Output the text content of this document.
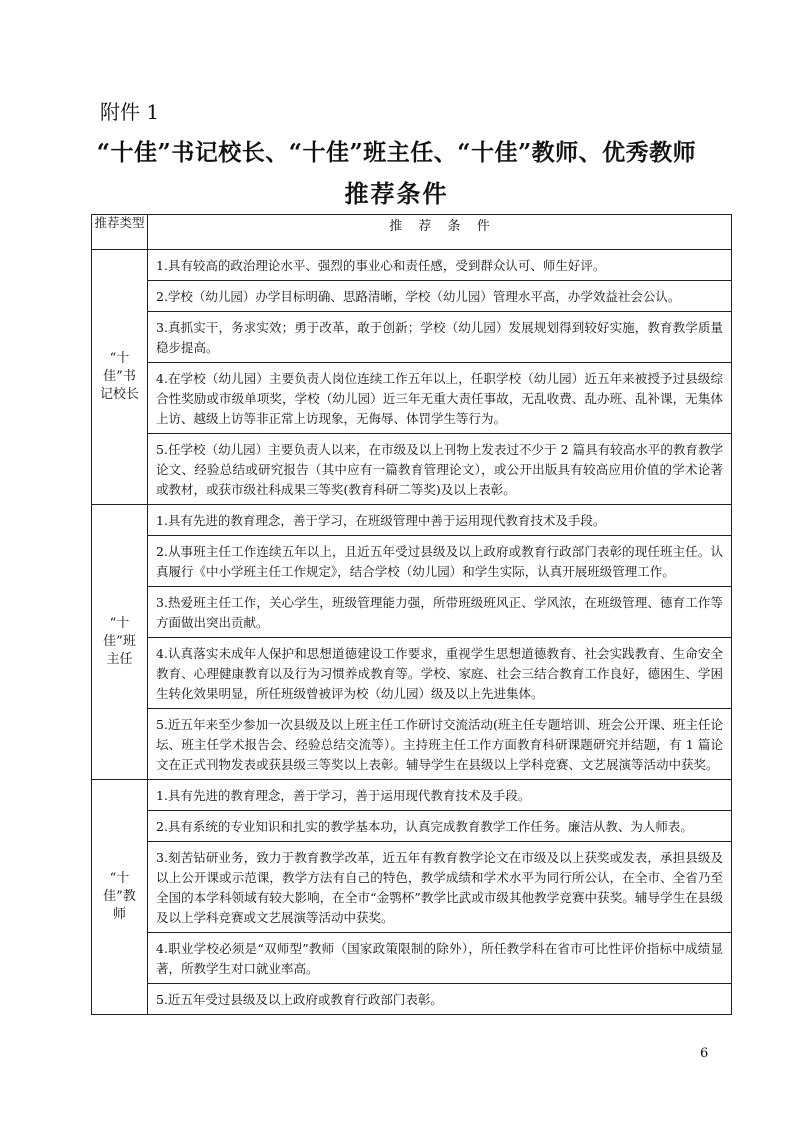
附件 1
“十佳”书记校长、“十佳”班主任、“十佳”教师、优秀教师
推荐条件
推荐类型	推 荐 条 件
“十佳”书记校长	1.具有较高的政治理论水平、强烈的事业心和责任感，受到群众认可、师生好评。
	2.学校（幼儿园）办学目标明确、思路清晰，学校（幼儿园）管理水平高，办学效益社会公认。
	3.真抓实干，务求实效；勇于改革，敢于创新；学校（幼儿园）发展规划得到较好实施，教育教学质量稳步提高。
	4.在学校（幼儿园）主要负责人岗位连续工作五年以上，任职学校（幼儿园）近五年来被授予过县级综合性奖励或市级单项奖，学校（幼儿园）近三年无重大责任事故，无乱收费、乱办班、乱补课，无集体上访、越级上访等非正常上访现象，无侮辱、体罚学生等行为。
	5.任学校（幼儿园）主要负责人以来，在市级及以上刊物上发表过不少于 2 篇具有较高水平的教育教学论文、经验总结或研究报告（其中应有一篇教育管理论文），或公开出版具有较高应用价值的学术论著或教材，或获市级社科成果三等奖(教育科研二等奖)及以上表彰。
“十佳”班主任	1.具有先进的教育理念，善于学习，在班级管理中善于运用现代教育技术及手段。
	2.从事班主任工作连续五年以上，且近五年受过县级及以上政府或教育行政部门表彰的现任班主任。认真履行《中小学班主任工作规定》，结合学校（幼儿园）和学生实际，认真开展班级管理工作。
	3.热爱班主任工作，关心学生，班级管理能力强，所带班级班风正、学风浓，在班级管理、德育工作等方面做出突出贡献。
	4.认真落实未成年人保护和思想道德建设工作要求，重视学生思想道德教育、社会实践教育、生命安全教育、心理健康教育以及行为习惯养成教育等。学校、家庭、社会三结合教育工作良好，德困生、学困生转化效果明显，所任班级曾被评为校（幼儿园）级及以上先进集体。
	5.近五年来至少参加一次县级及以上班主任工作研讨交流活动(班主任专题培训、班会公开课、班主任论坛、班主任学术报告会、经验总结交流等）。主持班主任工作方面教育科研课题研究并结题，有 1 篇论文在正式刊物发表或获县级三等奖以上表彰。辅导学生在县级以上学科竞赛、文艺展演等活动中获奖。
“十佳”教师	1.具有先进的教育理念，善于学习，善于运用现代教育技术及手段。
	2.具有系统的专业知识和扎实的教学基本功，认真完成教育教学工作任务。廉洁从教、为人师表。
	3.刻苦钻研业务，致力于教育教学改革，近五年有教育教学论文在市级及以上获奖或发表，承担县级及以上公开课或示范课，教学方法有自己的特色，教学成绩和学术水平为同行所公认，在全市、全省乃至全国的本学科领域有较大影响，在全市“金鹗杯”教学比武或市级其他教学竞赛中获奖。辅导学生在县级及以上学科竞赛或文艺展演等活动中获奖。
	4.职业学校必须是“双师型”教师（国家政策限制的除外），所任教学科在省市可比性评价指标中成绩显著，所教学生对口就业率高。
	5.近五年受过县级及以上政府或教育行政部门表彰。
6
